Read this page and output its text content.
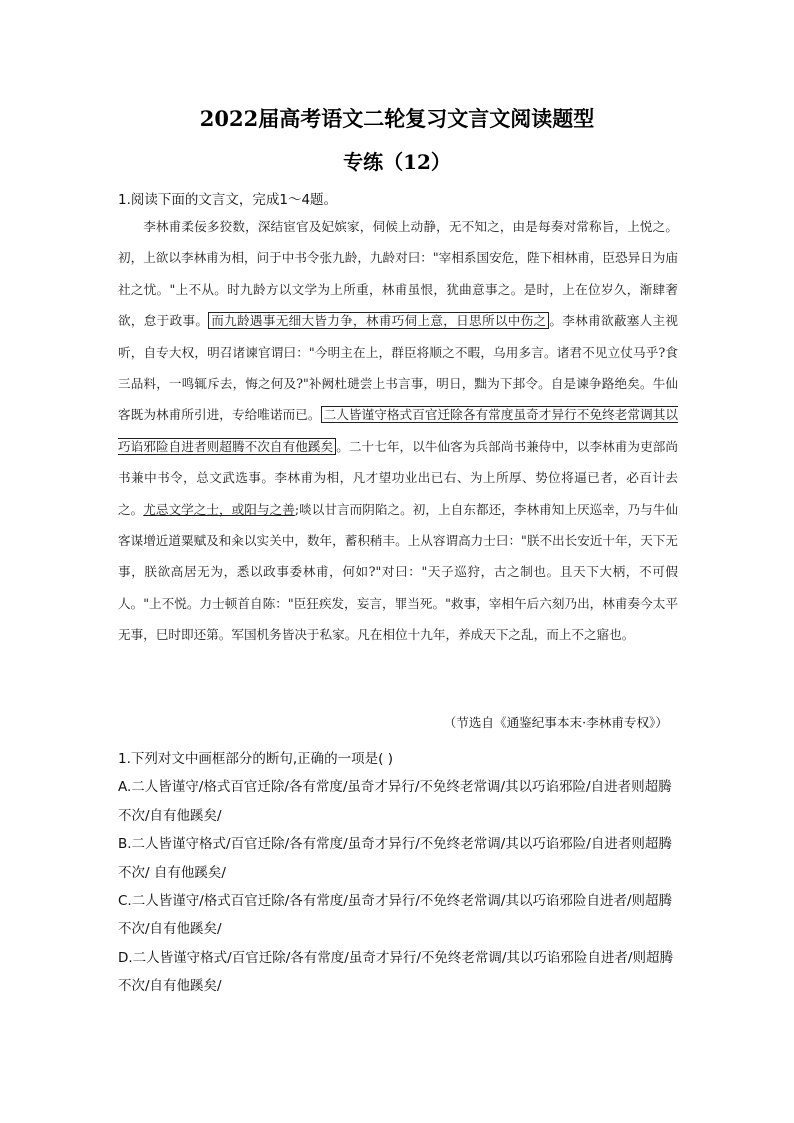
2022届高考语文二轮复习文言文阅读题型
专练（12）
1.阅读下面的文言文，完成1～4题。

李林甫柔佞多狡数，深结宦官及妃嫔家，伺候上动静，无不知之，由是每奏对常称旨，上悦之。初，上欲以李林甫为相，问于中书令张九龄，九龄对曰："宰相系国安危，陛下相林甫，臣恐异日为庙社之忧。"上不从。时九龄方以文学为上所重，林甫虽恨，犹曲意事之。是时，上在位岁久，渐肆奢欲，怠于政事。 而九龄遇事无细大皆力争，林甫巧伺上意，日思所以中伤之 。李林甫欲蔽塞人主视听，自专大权，明召诸谏官谓曰："今明主在上，群臣将顺之不暇，乌用多言。诸君不见立仗马乎?食三品料，一鸣辄斥去，悔之何及?"补阙杜琎尝上书言事，明日，黜为下邽令。自是谏争路绝矣。牛仙客既为林甫所引进，专给唯诺而已。 二人皆谨守格式百官迁除各有常度虽奇才异行不免终老常调其以巧谄邪险自进者则超腾不次自有他蹊矣 。二十七年，以牛仙客为兵部尚书兼侍中，以李林甫为吏部尚书兼中书令，总文武选事。李林甫为相，凡才望功业出已右、为上所厚、势位将逼已者，必百计去之。尤忌文学之士，或阳与之善;啖以甘言而阴陷之。初，上自东都还，李林甫知上厌巡幸，乃与牛仙客谋增近道粟赋及和籴以实关中，数年，蓄积稍丰。上从容谓高力士曰："朕不出长安近十年，天下无事，朕欲高居无为，悉以政事委林甫，何如?"对曰："天子巡狩，古之制也。且天下大柄，不可假人。"上不悦。力士顿首自陈："臣狂疾发，妄言，罪当死。"救事，宰相午后六刻乃出，林甫奏今太平无事，巳时即还第。军国机务皆决于私家。凡在相位十九年，养成天下之乱，而上不之寤也。

（节选自《通鉴纪事本末·李林甫专权》）
1.下列对文中画框部分的断句,正确的一项是( )
A.二人皆谨守/格式百官迁除/各有常度/虽奇才异行/不免终老常调/其以巧谄邪险/自进者则超腾不次/自有他蹊矣/
B.二人皆谨守格式/百官迁除/各有常度/虽奇才异行/不免终老常调/其以巧谄邪险/自进者则超腾不次/ 自有他蹊矣/
C.二人皆谨守/格式百官迁除/各有常度/虽奇才异行/不免终老常调/其以巧谄邪险自进者/则超腾不次/自有他蹊矣/
D.二人皆谨守格式/百官迁除/各有常度/虽奇才异行/不免终老常调/其以巧谄邪险自进者/则超腾不次/自有他蹊矣/
